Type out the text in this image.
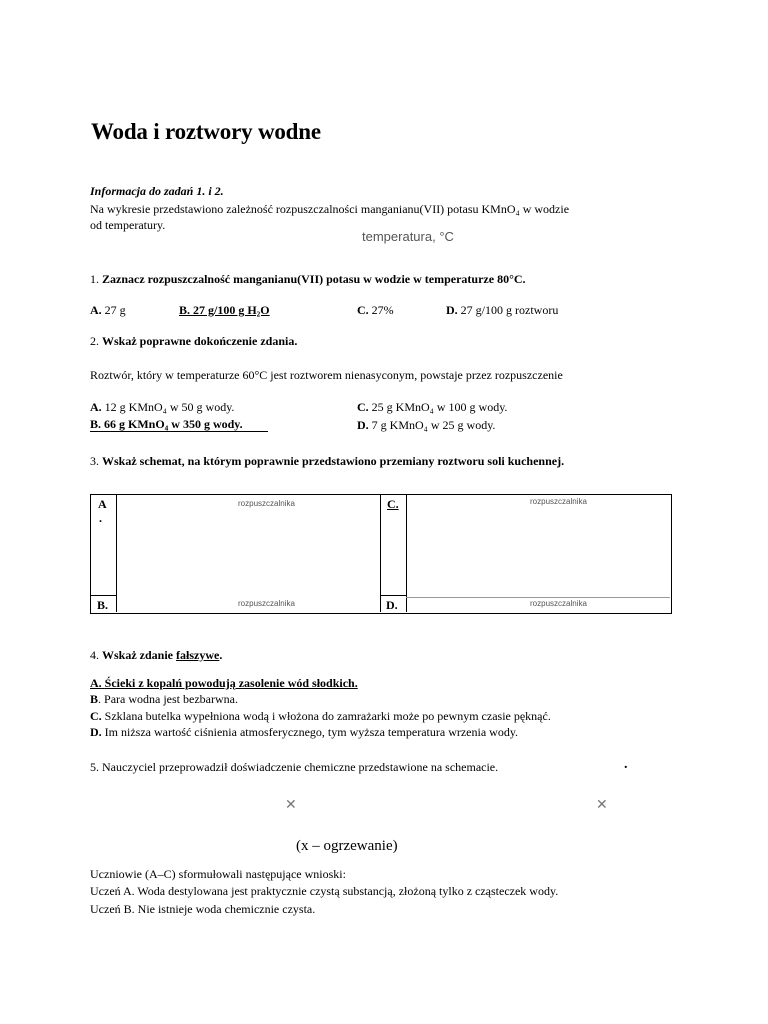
Woda i roztwory wodne
Informacja do zadań 1. i 2.
Na wykresie przedstawiono zależność rozpuszczalności manganianu(VII) potasu KMnO₄ w wodzie
od temperatury.
temperatura, °C
1. Zaznacz rozpuszczalność manganianu(VII) potasu w wodzie w temperaturze 80°C.
A. 27 g	B. 27 g/100 g H₂O	C. 27%	D. 27 g/100 g roztworu
2. Wskaż poprawne dokończenie zdania.
Roztwór, który w temperaturze 60°C jest roztworem nienasyconym, powstaje przez rozpuszczenie
A. 12 g KMnO₄ w 50 g wody.
B. 66 g KMnO₄ w 350 g wody.
C. 25 g KMnO₄ w 100 g wody.
D. 7 g KMnO₄ w 25 g wody.
3. Wskaż schemat, na którym poprawnie przedstawiono przemiany roztworu soli kuchennej.
A
.
rozpuszczalnika	C.	rozpuszczalnika
B.	rozpuszczalnika	D.	rozpuszczalnika
4. Wskaż zdanie fałszywe.
A. Ścieki z kopalń powodują zasolenie wód słodkich.
B. Para wodna jest bezbarwna.
C. Szklana butelka wypełniona wodą i włożona do zamrażarki może po pewnym czasie pęknąć.
D. Im niższa wartość ciśnienia atmosferycznego, tym wyższa temperatura wrzenia wody.
5. Nauczyciel przeprowadził doświadczenie chemiczne przedstawione na schemacie.	.
✕	✕
(x – ogrzewanie)
Uczniowie (A–C) sformułowali następujące wnioski:
Uczeń A. Woda destylowana jest praktycznie czystą substancją, złożoną tylko z cząsteczek wody.
Uczeń B. Nie istnieje woda chemicznie czysta.
